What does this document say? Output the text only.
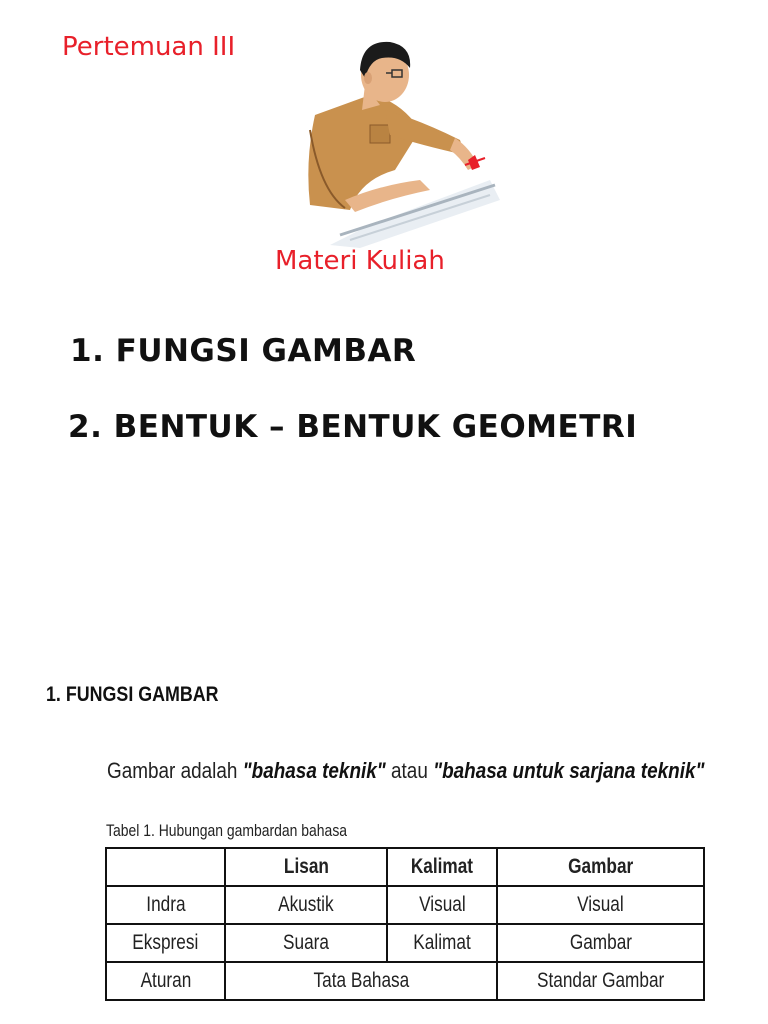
Pertemuan III
Materi Kuliah
1. FUNGSI GAMBAR
2. BENTUK – BENTUK GEOMETRI
1. FUNGSI GAMBAR
Gambar adalah "bahasa teknik" atau "bahasa untuk sarjana teknik"
Tabel 1. Hubungan gambardan bahasa
	Lisan	Kalimat	Gambar
Indra	Akustik	Visual	Visual
Ekspresi	Suara	Kalimat	Gambar
Aturan	Tata Bahasa		Standar Gambar
